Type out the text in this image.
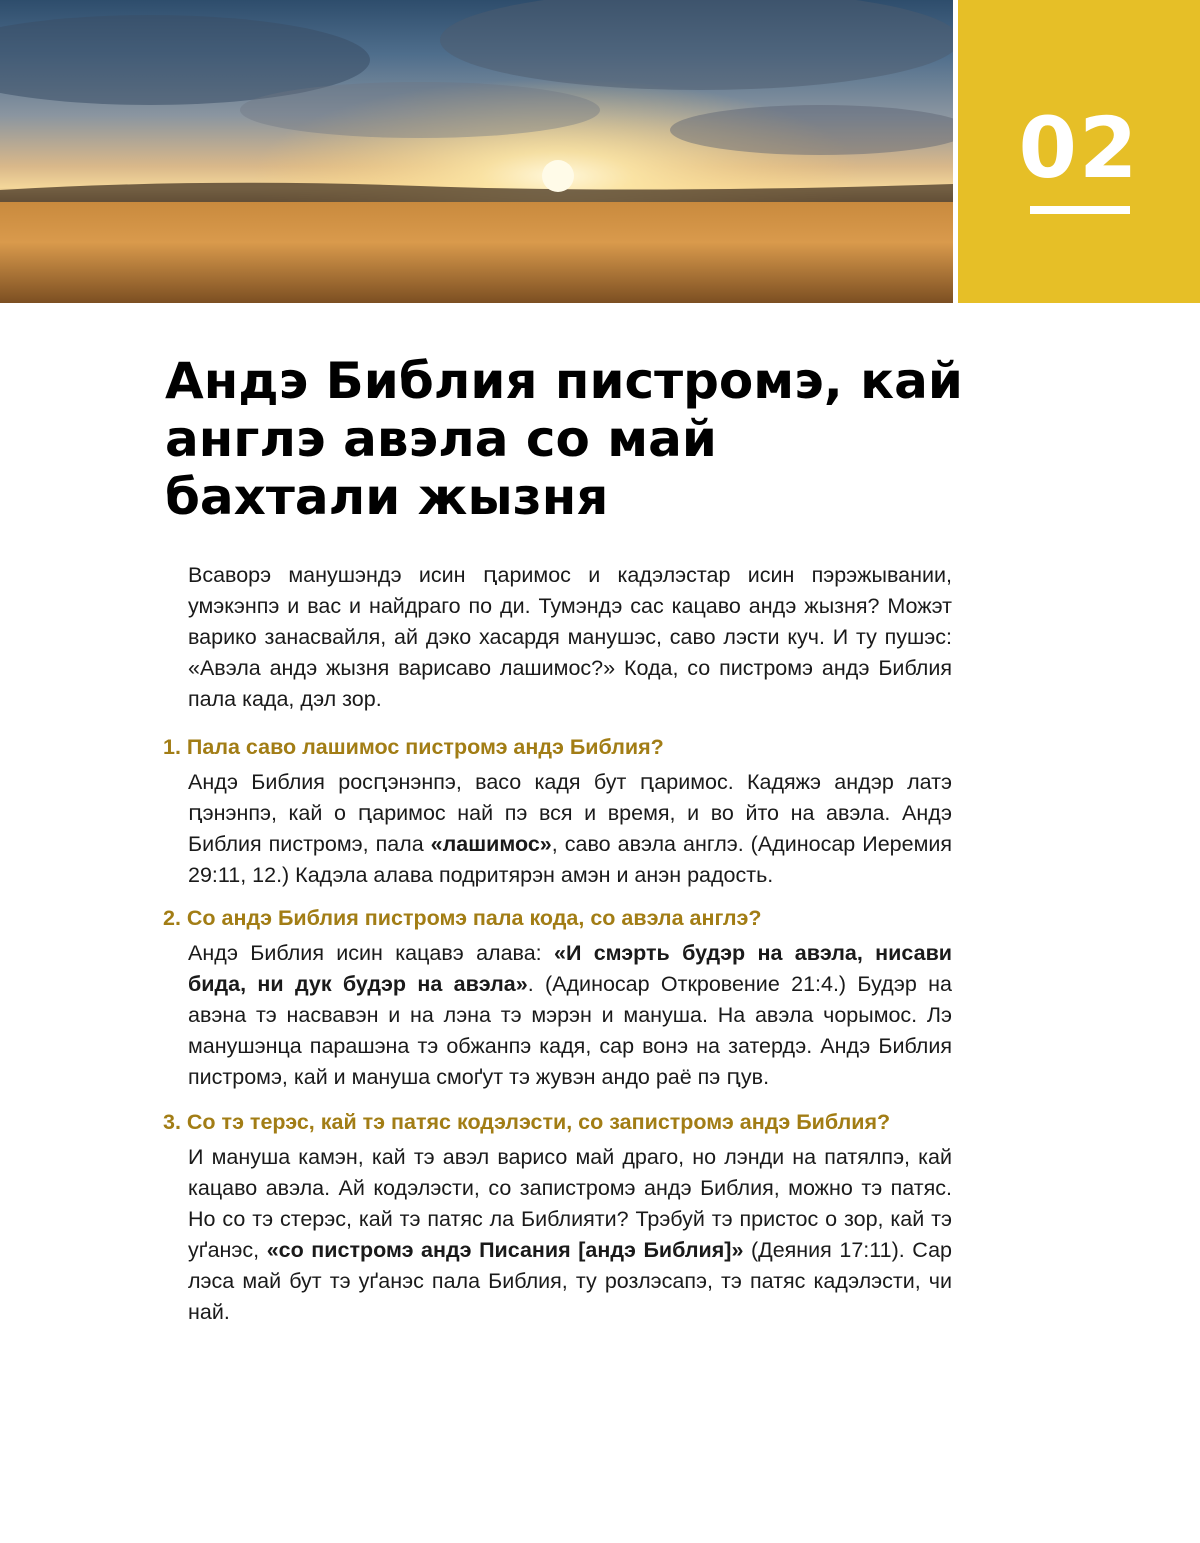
02
Андэ Библия пистромэ, кай англэ авэла со май бахтали жызня

Всаворэ манушэндэ исин ԥаримос и кадэлэстар исин пэрэжывании, умэкэнпэ и вас и найдраго по ди. Тумэндэ сас кацаво андэ жызня? Можэт варико занасвайля, ай дэко хасардя манушэс, саво лэсти куч. И ту пушэс: «Авэла андэ жызня варисаво лашимос?» Кода, со пистромэ андэ Библия пала када, дэл зор.

1. Пала саво лашимос пистромэ андэ Библия?

Андэ Библия росԥэнэнпэ, васо кадя бут ԥаримос. Кадяжэ андэр латэ ԥэнэнпэ, кай о ԥаримос най пэ вся и время, и во йто на авэла. Андэ Библия пистромэ, пала «лашимос», саво авэла англэ. (Адиносар Иеремия 29:11, 12.) Кадэла алава подритярэн амэн и анэн радость.

2. Со андэ Библия пистромэ пала кода, со авэла англэ?

Андэ Библия исин кацавэ алава: «И смэрть будэр на авэла, нисави бида, ни дук будэр на авэла». (Адиносар Откровение 21:4.) Будэр на авэна тэ насвавэн и на лэна тэ мэрэн и мануша. На авэла чорымос. Лэ манушэнца парашэна тэ обжанпэ кадя, сар вонэ на затердэ. Андэ Библия пистромэ, кай и мануша смоґут тэ жувэн андо раё пэ ԥув.

3. Со тэ терэс, кай тэ патяс кодэлэсти, со запистромэ андэ Библия?

И мануша камэн, кай тэ авэл варисо май драго, но лэнди на патялпэ, кай кацаво авэла. Ай кодэлэсти, со запистромэ андэ Библия, можно тэ патяс. Но со тэ стерэс, кай тэ патяс ла Библияти? Трэбуй тэ пристос о зор, кай тэ уґанэс, «со пистромэ андэ Писания [андэ Библия]» (Деяния 17:11). Сар лэса май бут тэ уґанэс пала Библия, ту розлэсапэ, тэ патяс кадэлэсти, чи най.
